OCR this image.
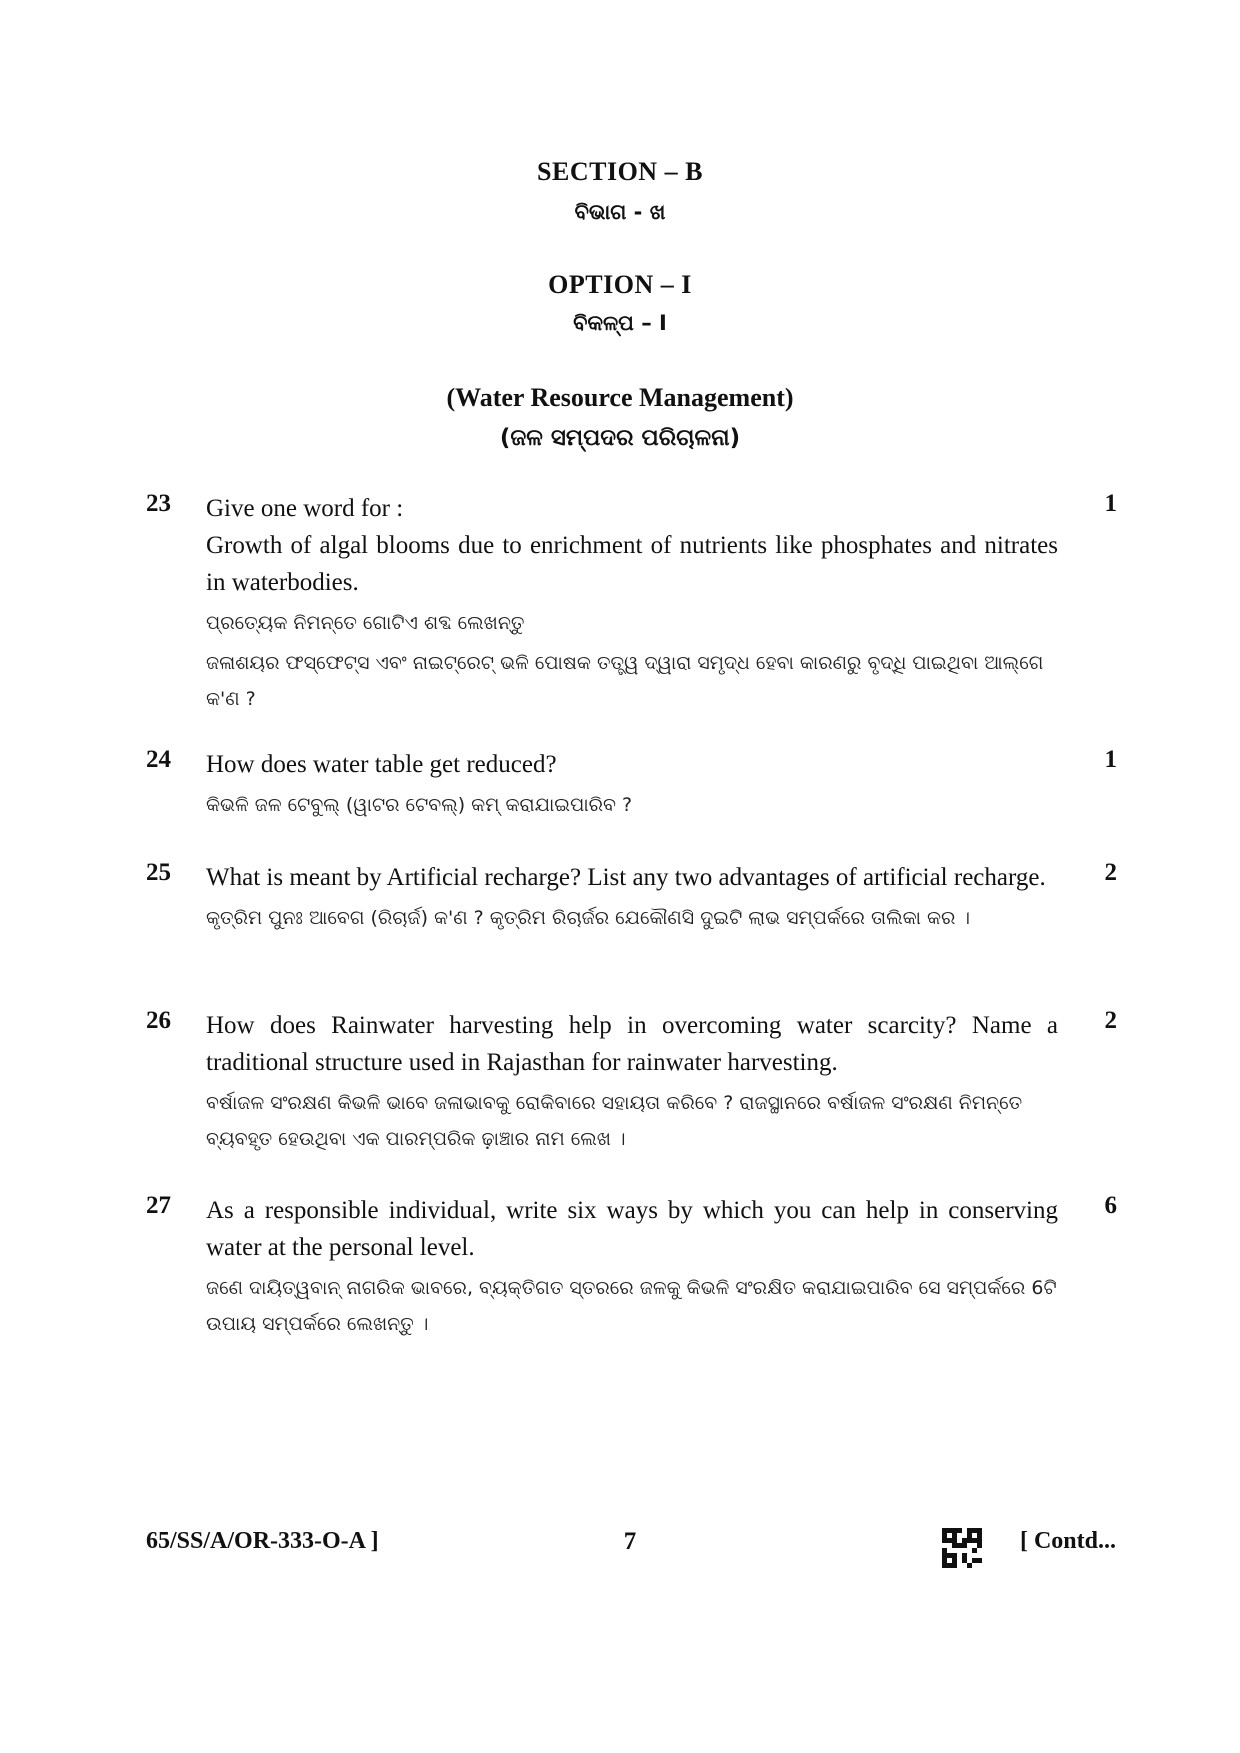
SECTION – B
ବିଭାଗ - ଖ
OPTION – I
ବିକଳ୍ପ – I
(Water Resource Management)
(ଜଳ ସମ୍ପଦର ପରିଚାଳନା)
23 Give one word for :

Growth of algal blooms due to enrichment of nutrients like phosphates and nitrates in waterbodies.

ପ୍ରତ୍ୟେକ ନିମନ୍ତେ ଗୋଟିଏ ଶବ୍ଦ ଲେଖନ୍ତୁ

ଜଳାଶୟର ଫସ୍‌ଫେଟ୍‌ସ ଏବଂ ନାଇଟ୍ରେଟ୍ ଭଳି ପୋଷକ ତତ୍ତ୍ୱ ଦ୍ୱାରା ସମୃଦ୍ଧ ହେବା କାରଣରୁ ବୃଦ୍ଧି ପାଇଥିବା ଆଲ୍‌ଗେ କ'ଣ ?

1
24 How does water table get reduced?

କିଭଳି ଜଳ ଟେବୁଲ୍ (ୱାଟର ଟେବଲ୍) କମ୍ କରାଯାଇପାରିବ ?

1
25 What is meant by Artificial recharge? List any two advantages of artificial recharge.

କୃତ୍ରିମ ପୁନଃ ଆବେଗ (ରିଚାର୍ଜ) କ'ଣ ? କୃତ୍ରିମ ରିଚାର୍ଜର ଯେକୌଣସି ଦୁଇଟି ଲାଭ ସମ୍ପର୍କରେ ତାଲିକା କର ।

2
26 How does Rainwater harvesting help in overcoming water scarcity? Name a traditional structure used in Rajasthan for rainwater harvesting.

ବର୍ଷାଜଳ ସଂରକ୍ଷଣ କିଭଳି ଭାବେ ଜଳାଭାବକୁ ରୋକିବାରେ ସହାୟତା କରିବେ ? ରାଜସ୍ଥାନରେ ବର୍ଷାଜଳ ସଂରକ୍ଷଣ ନିମନ୍ତେ ବ୍ୟବହୃତ ହେଉଥିବା ଏକ ପାରମ୍ପରିକ ଢ଼ାଞ୍ଚାର ନାମ ଲେଖ ।

2
27 As a responsible individual, write six ways by which you can help in conserving water at the personal level.

ଜଣେ ଦାୟିତ୍ୱବାନ୍ ନାଗରିକ ଭାବରେ, ବ୍ୟକ୍ତିଗତ ସ୍ତରରେ ଜଳକୁ କିଭଳି ସଂରକ୍ଷିତ କରାଯାଇପାରିବ ସେ ସମ୍ପର୍କରେ 6ଟି ଉପାୟ ସମ୍ପର୍କରେ ଲେଖନ୍ତୁ ।

6
65/SS/A/OR-333-O-A ]	7	[ Contd...
